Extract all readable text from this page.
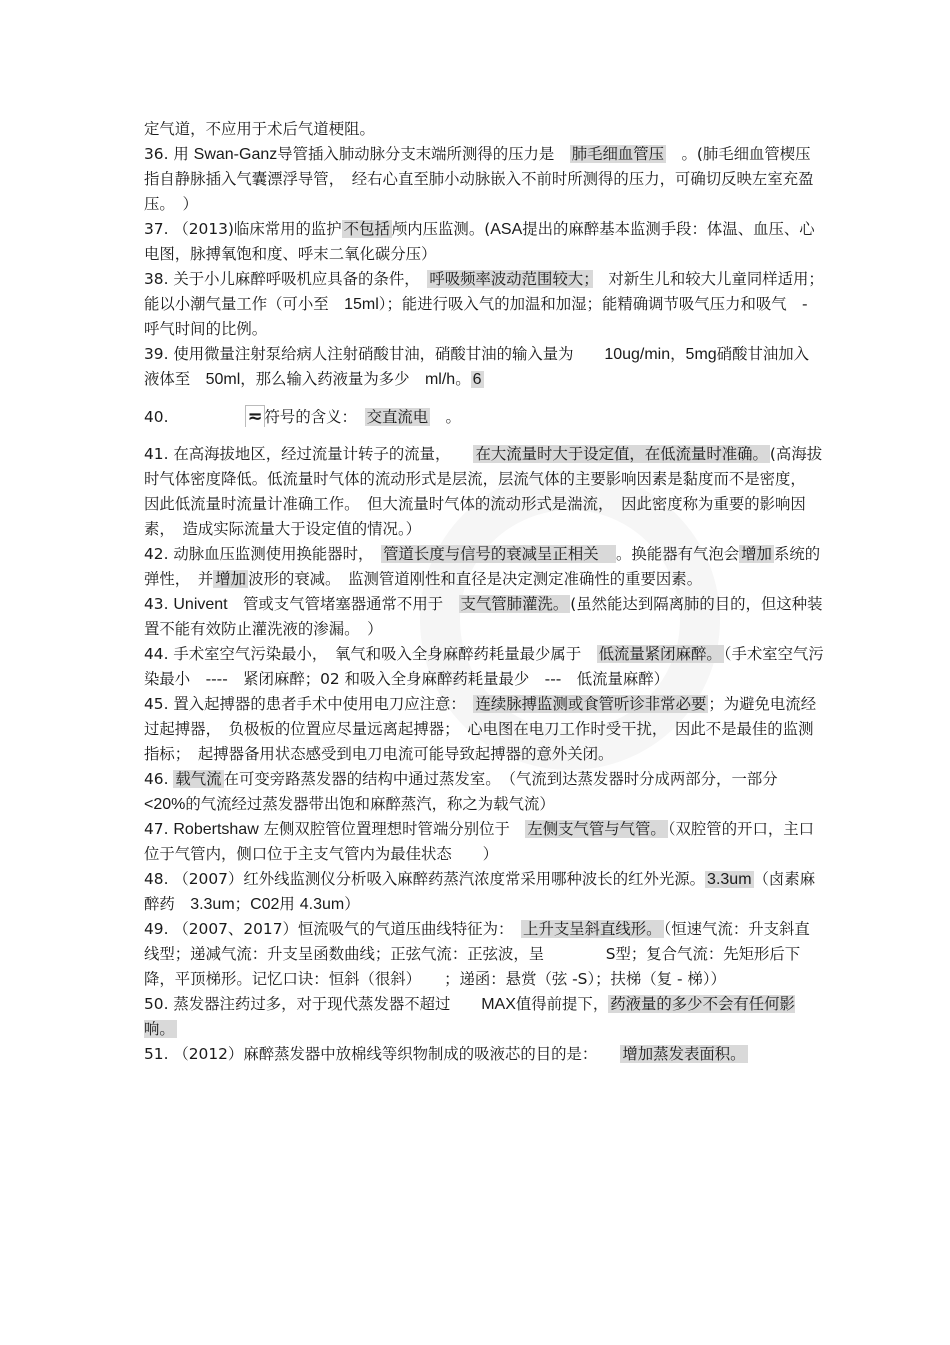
定气道，不应用于术后气道梗阻。

36. 用 Swan-Ganz导管插入肺动脉分支末端所测得的压力是　肺毛细血管压　。(肺毛细血管楔压指自静脉插入气囊漂浮导管，　经右心直至肺小动脉嵌入不前时所测得的压力，可确切反映左室充盈压。　）

37. （2013)临床常用的监护 不包括 颅内压监测。(ASA提出的麻醉基本监测手段：体温、血压、心电图，脉搏氧饱和度、呼末二氧化碳分压）

38. 关于小儿麻醉呼吸机应具备的条件，　呼吸频率波动范围较大；　对新生儿和较大儿童同样适用；能以小潮气量工作（可小至　15ml）；能进行吸入气的加温和加湿；能精确调节吸气压力和吸气　- 呼气时间的比例。

39. 使用微量注射泵给病人注射硝酸甘油，硝酸甘油的输入量为　　10ug/min，5mg硝酸甘油加入液体至　50ml，那么输入药液量为多少　ml/h。 6

40.　　　　　≂ 符号的含义：　交直流电　。

41. 在高海拔地区，经过流量计转子的流量，　　在大流量时大于设定值，在低流量时准确。 (高海拔时气体密度降低。低流量时气体的流动形式是层流，层流气体的主要影响因素是黏度而不是密度，　因此低流量时流量计准确工作。　但大流量时气体的流动形式是湍流，　因此密度称为重要的影响因素，　造成实际流量大于设定值的情况。）

42. 动脉血压监测使用换能器时，　管道长度与信号的衰减呈正相关　。换能器有气泡会 增加 系统的弹性，　并 增加 波形的衰减。　监测管道刚性和直径是决定测定准确性的重要因素。

43. Univent　管或支气管堵塞器通常不用于　支气管肺灌洗。 (虽然能达到隔离肺的目的，但这种装置不能有效防止灌洗液的渗漏。　）

44. 手术室空气污染最小，　氧气和吸入全身麻醉药耗量最少属于　低流量紧闭麻醉。 （手术室空气污染最小　----　紧闭麻醉；02 和吸入全身麻醉药耗量最少　---　低流量麻醉）

45. 置入起搏器的患者手术中使用电刀应注意：　连续脉搏监测或食管听诊非常必要 ；为避免电流经过起搏器，　负极板的位置应尽量远离起搏器；　心电图在电刀工作时受干扰，　因此不是最佳的监测指标；　起搏器备用状态感受到电刀电流可能导致起搏器的意外关闭。

46. 载气流 在可变旁路蒸发器的结构中通过蒸发室。　（气流到达蒸发器时分成两部分，一部分　<20%的气流经过蒸发器带出饱和麻醉蒸汽，称之为载气流）

47. Robertshaw 左侧双腔管位置理想时管端分别位于　左侧支气管与气管。 （双腔管的开口，主口位于气管内，侧口位于主支气管内为最佳状态　　）

48. （2007）红外线监测仪分析吸入麻醉药蒸汽浓度常采用哪种波长的红外光源。 3.3um （卤素麻醉药　3.3um；C02用 4.3um）

49. （2007、2017）恒流吸气的气道压曲线特征为：　上升支呈斜直线形。 （恒速气流：升支斜直线型；递减气流：升支呈函数曲线；正弦气流：正弦波，呈　　　　S型；复合气流：先矩形后下降，平顶梯形。记忆口诀：恒斜（很斜）　　；递函：悬赏（弦 -S）；扶梯（复 - 梯））

50. 蒸发器注药过多，对于现代蒸发器不超过　　MAX值得前提下， 药液量的多少不会有任何影响。

51. （2012）麻醉蒸发器中放棉线等织物制成的吸液芯的目的是：　　增加蒸发表面积。
